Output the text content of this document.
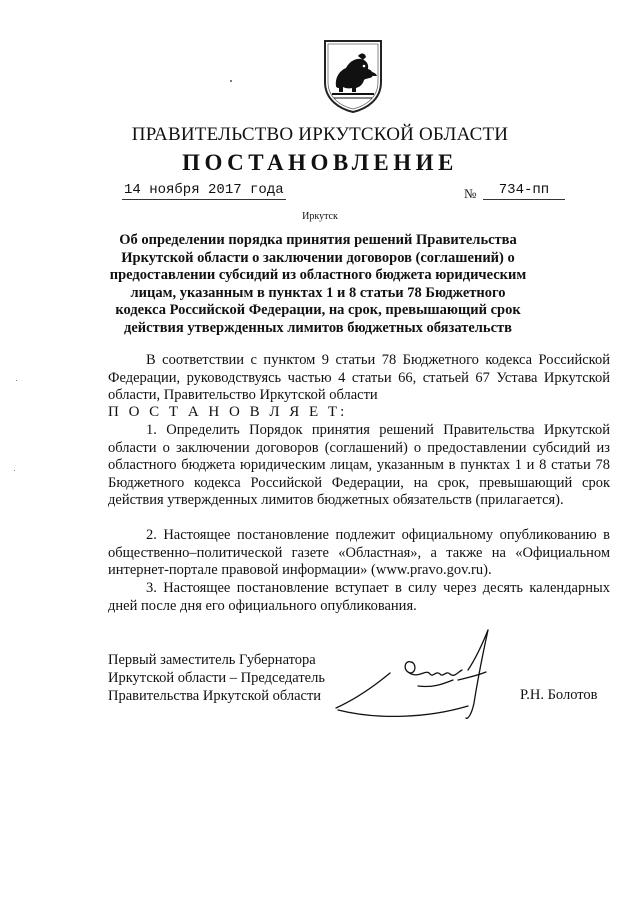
ПРАВИТЕЛЬСТВО ИРКУТСКОЙ ОБЛАСТИ
ПОСТАНОВЛЕНИЕ
14 ноября 2017 года	№	734-пп
Иркутск
Об определении порядка принятия решений Правительства Иркутской области о заключении договоров (соглашений) о предоставлении субсидий из областного бюджета юридическим лицам, указанным в пунктах 1 и 8 статьи 78 Бюджетного кодекса Российской Федерации, на срок, превышающий срок действия утвержденных лимитов бюджетных обязательств
В соответствии с пунктом 9 статьи 78 Бюджетного кодекса Российской Федерации, руководствуясь частью 4 статьи 66, статьей 67 Устава Иркутской области, Правительство Иркутской области
П О С Т А Н О В Л Я Е Т:
1. Определить Порядок принятия решений Правительства Иркутской области о заключении договоров (соглашений) о предоставлении субсидий из областного бюджета юридическим лицам, указанным в пунктах 1 и 8 статьи 78 Бюджетного кодекса Российской Федерации, на срок, превышающий срок действия утвержденных лимитов бюджетных обязательств (прилагается).
2. Настоящее постановление подлежит официальному опубликованию в общественно–политической газете «Областная», а также на «Официальном интернет-портале правовой информации» (www.pravo.gov.ru).
3. Настоящее постановление вступает в силу через десять календарных дней после дня его официального опубликования.
Первый заместитель Губернатора
Иркутской области – Председатель
Правительства Иркутской области	Р.Н. Болотов
